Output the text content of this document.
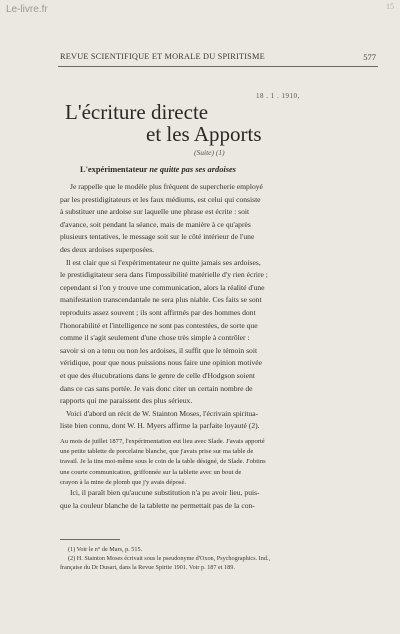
Le-livre.fr	15
REVUE SCIENTIFIQUE ET MORALE DU SPIRITISME	577
18 . 1 . 1910,
L'écriture directe
et les Apports
(Suite) (1)
L'expérimentateur ne quitte pas ses ardoises
Je rappelle que le modèle plus fréquent de supercherie employé
par les prestidigitateurs et les faux médiums, est celui qui consiste
à substituer une ardoise sur laquelle une phrase est écrite : soit
d'avance, soit pendant la séance, mais de manière à ce qu'après
plusieurs tentatives, le message soit sur le côté intérieur de l'une
des deux ardoises superposées.
Il est clair que si l'expérimentateur ne quitte jamais ses ardoises,
le prestidigitateur sera dans l'impossibilité matérielle d'y rien écrire ;
cependant si l'on y trouve une communication, alors la réalité d'une
manifestation transcendantale ne sera plus niable. Ces faits se sont
reproduits assez souvent ; ils sont affirmés par des hommes dont
l'honorabilité et l'intelligence ne sont pas contestées, de sorte que
comme il s'agit seulement d'une chose très simple à contrôler :
savoir si on a tenu ou non les ardoises, il suffit que le témoin soit
véridique, pour que nous puissions nous faire une opinion motivée
et que des élucubrations dans le genre de celle d'Hodgson soient
dans ce cas sans portée. Je vais donc citer un certain nombre de
rapports qui me paraissent des plus sérieux.
Voici d'abord un récit de W. Stainton Moses, l'écrivain spiritua-
liste bien connu, dont W. H. Myers affirme la parfaite loyauté (2).
Au mois de juillet 1877, l'expérimentation eut lieu avec Slade. J'avais apporté
une petite tablette de porcelaine blanche, que j'avais prise sur ma table de
travail. Je la tins moi-même sous le coin de la table désigné, de Slade. J'obtins
une courte communication, griffonnée sur la tablette avec un bout de
crayon à la mine de plomb que j'y avais déposé.
Ici, il paraît bien qu'aucune substitution n'a pu avoir lieu, puis-
que la couleur blanche de la tablette ne permettait pas de la con-
(1) Voir le n° de Mars, p. 515.
(2) H. Stainton Moses écrivait sous le pseudonyme d'Oxon, Psychographics. Ind.,
française du Dr Dusart, dans la Revue Spirite 1901. Voir p. 187 et 189.
